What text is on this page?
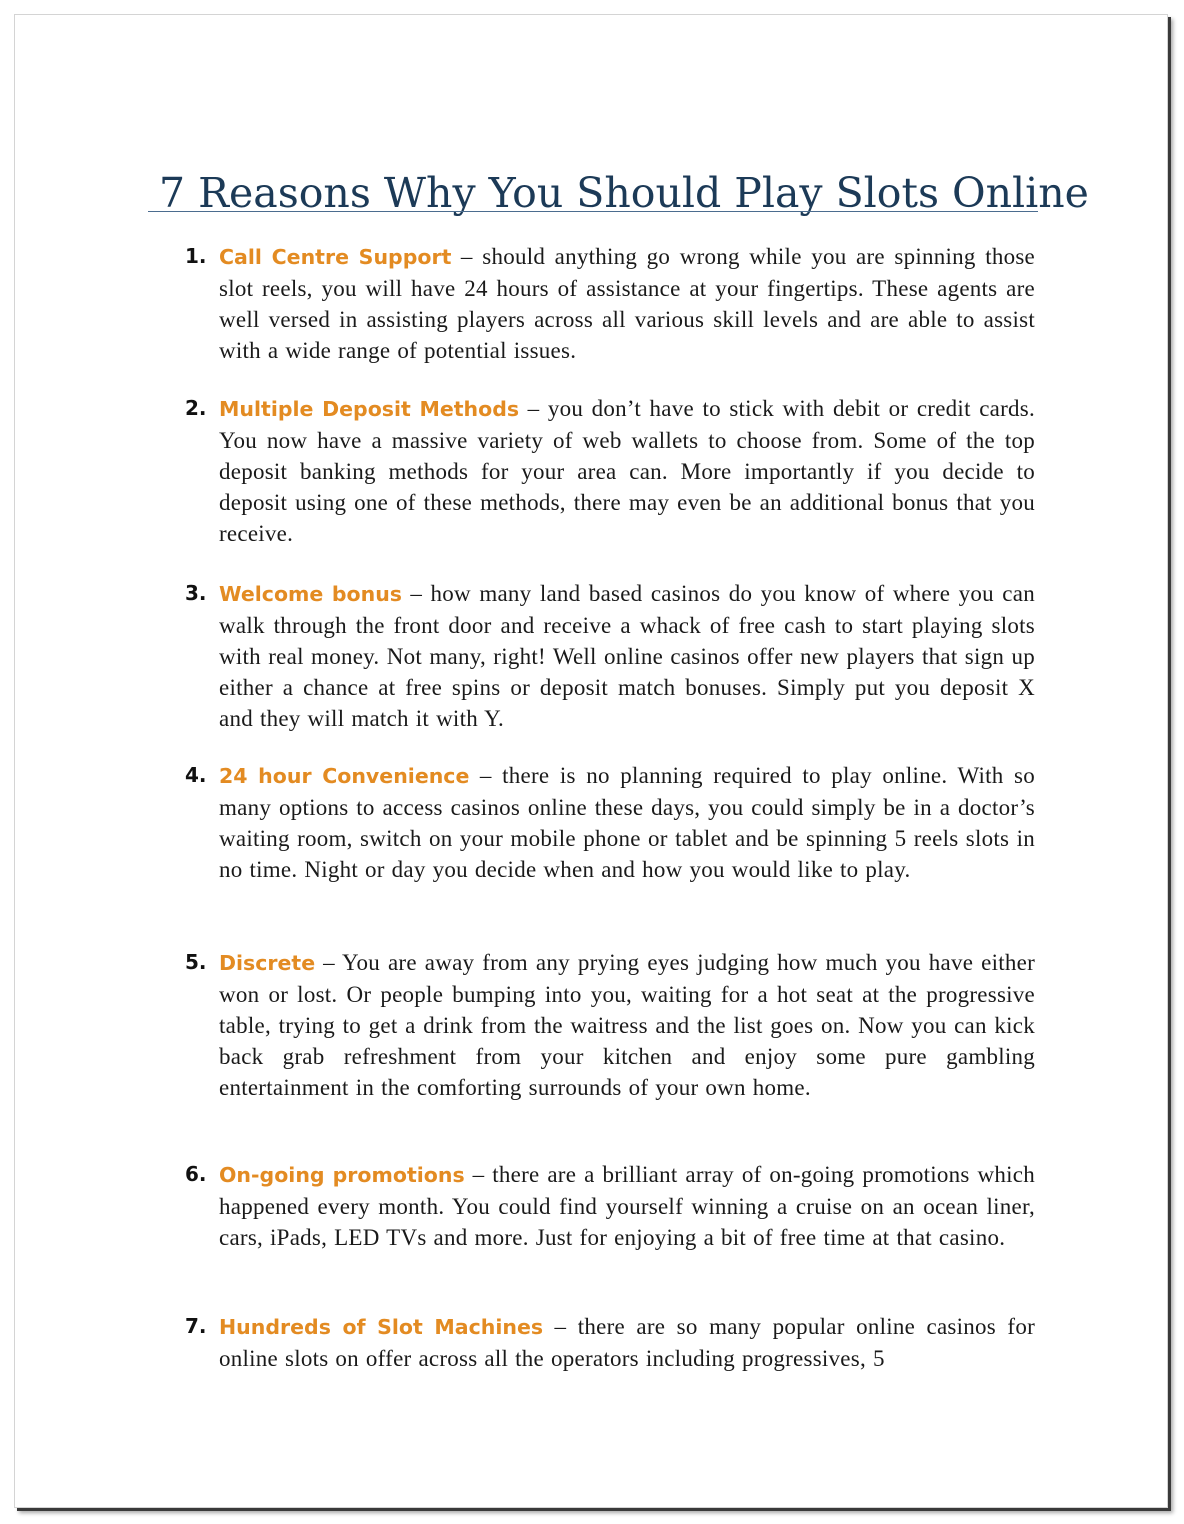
7 Reasons Why You Should Play Slots Online
1. Call Centre Support – should anything go wrong while you are spinning those slot reels, you will have 24 hours of assistance at your fingertips. These agents are well versed in assisting players across all various skill levels and are able to assist with a wide range of potential issues.
2. Multiple Deposit Methods – you don’t have to stick with debit or credit cards. You now have a massive variety of web wallets to choose from. Some of the top deposit banking methods for your area can. More importantly if you decide to deposit using one of these methods, there may even be an additional bonus that you receive.
3. Welcome bonus – how many land based casinos do you know of where you can walk through the front door and receive a whack of free cash to start playing slots with real money. Not many, right! Well online casinos offer new players that sign up either a chance at free spins or deposit match bonuses. Simply put you deposit X and they will match it with Y.
4. 24 hour Convenience – there is no planning required to play online. With so many options to access casinos online these days, you could simply be in a doctor’s waiting room, switch on your mobile phone or tablet and be spinning 5 reels slots in no time. Night or day you decide when and how you would like to play.
5. Discrete – You are away from any prying eyes judging how much you have either won or lost. Or people bumping into you, waiting for a hot seat at the progressive table, trying to get a drink from the waitress and the list goes on. Now you can kick back grab refreshment from your kitchen and enjoy some pure gambling entertainment in the comforting surrounds of your own home.
6. On-going promotions – there are a brilliant array of on-going promotions which happened every month. You could find yourself winning a cruise on an ocean liner, cars, iPads, LED TVs and more. Just for enjoying a bit of free time at that casino.
7. Hundreds of Slot Machines – there are so many popular online casinos for online slots on offer across all the operators including progressives, 5
